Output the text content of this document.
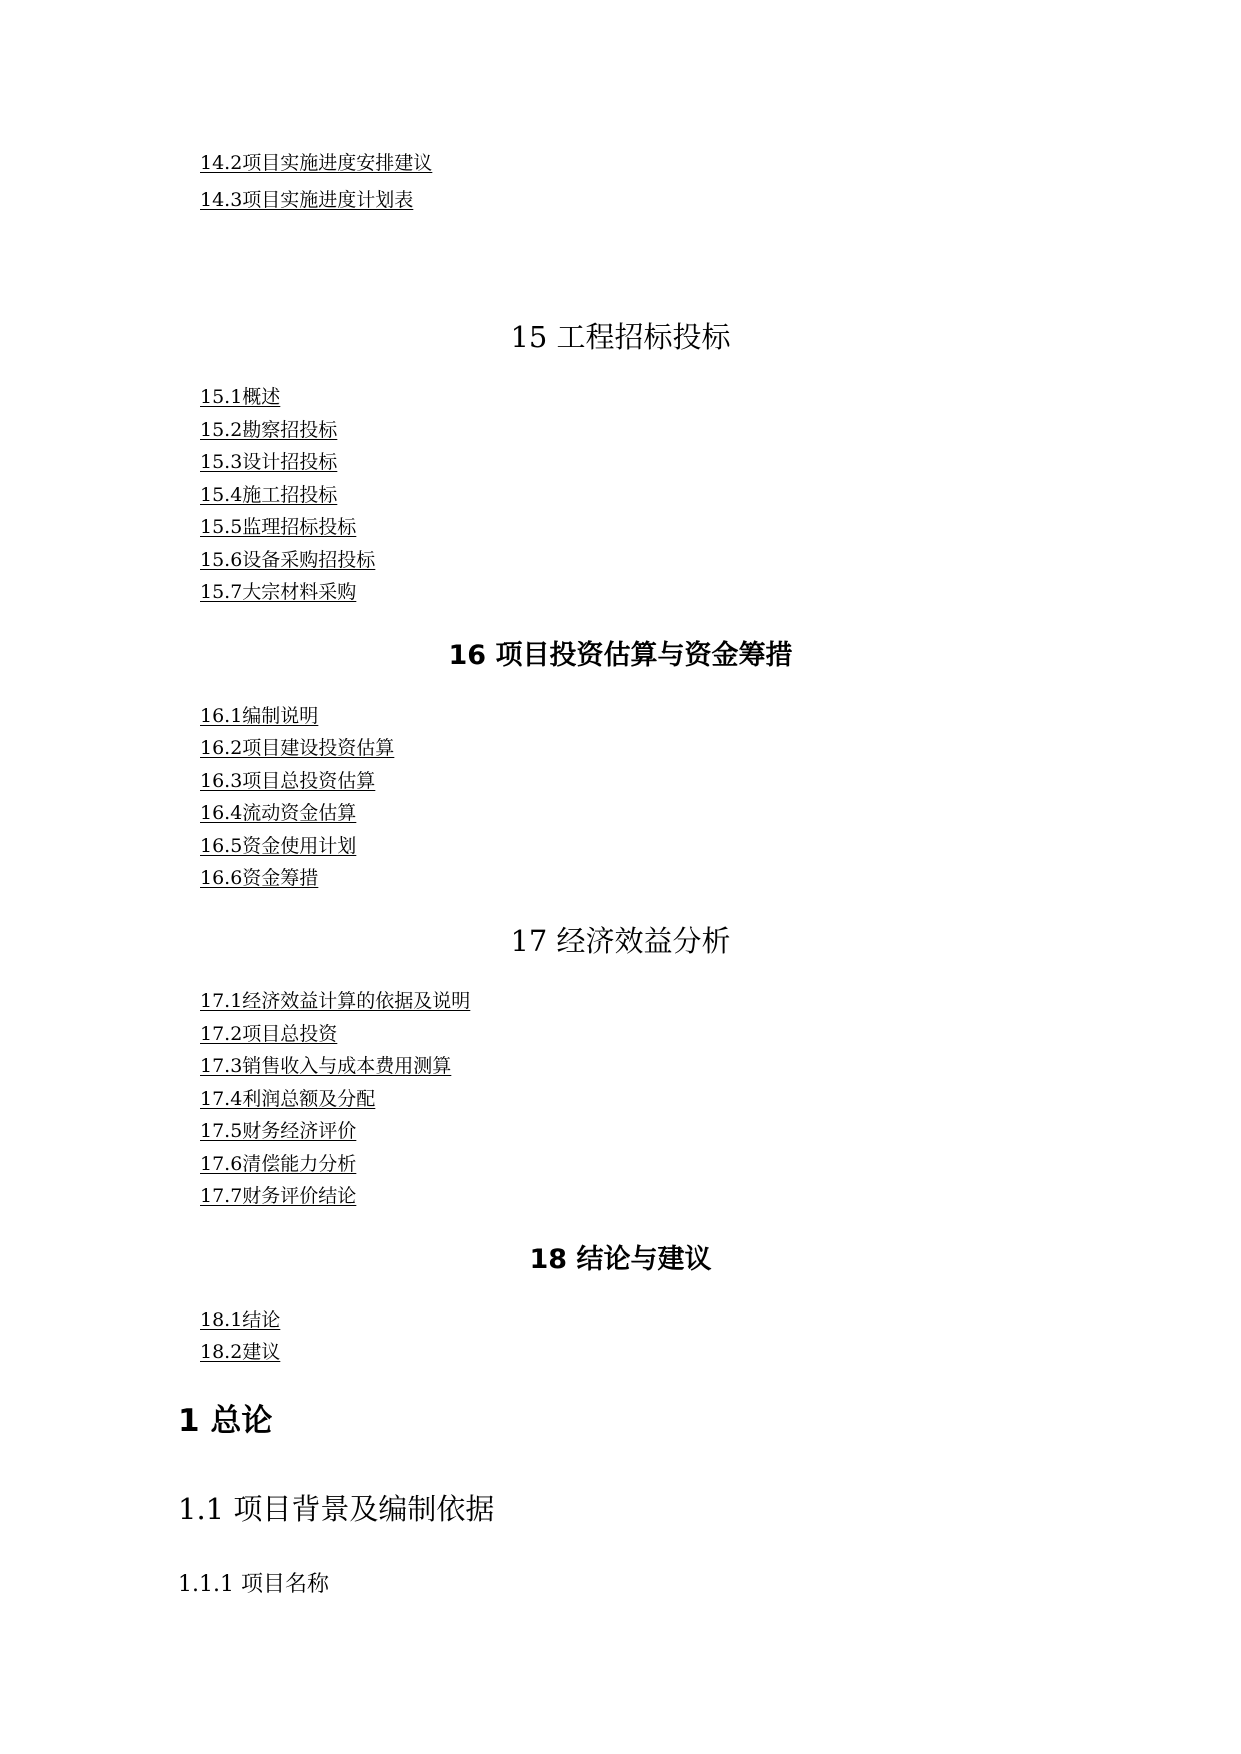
14.2项目实施进度安排建议
14.3项目实施进度计划表
15 工程招标投标
15.1概述
15.2勘察招投标
15.3设计招投标
15.4施工招投标
15.5监理招标投标
15.6设备采购招投标
15.7大宗材料采购
16 项目投资估算与资金筹措
16.1编制说明
16.2项目建设投资估算
16.3项目总投资估算
16.4流动资金估算
16.5资金使用计划
16.6资金筹措
17 经济效益分析
17.1经济效益计算的依据及说明
17.2项目总投资
17.3销售收入与成本费用测算
17.4利润总额及分配
17.5财务经济评价
17.6清偿能力分析
17.7财务评价结论
18 结论与建议
18.1结论
18.2建议
1 总论
1.1 项目背景及编制依据
1.1.1 项目名称
